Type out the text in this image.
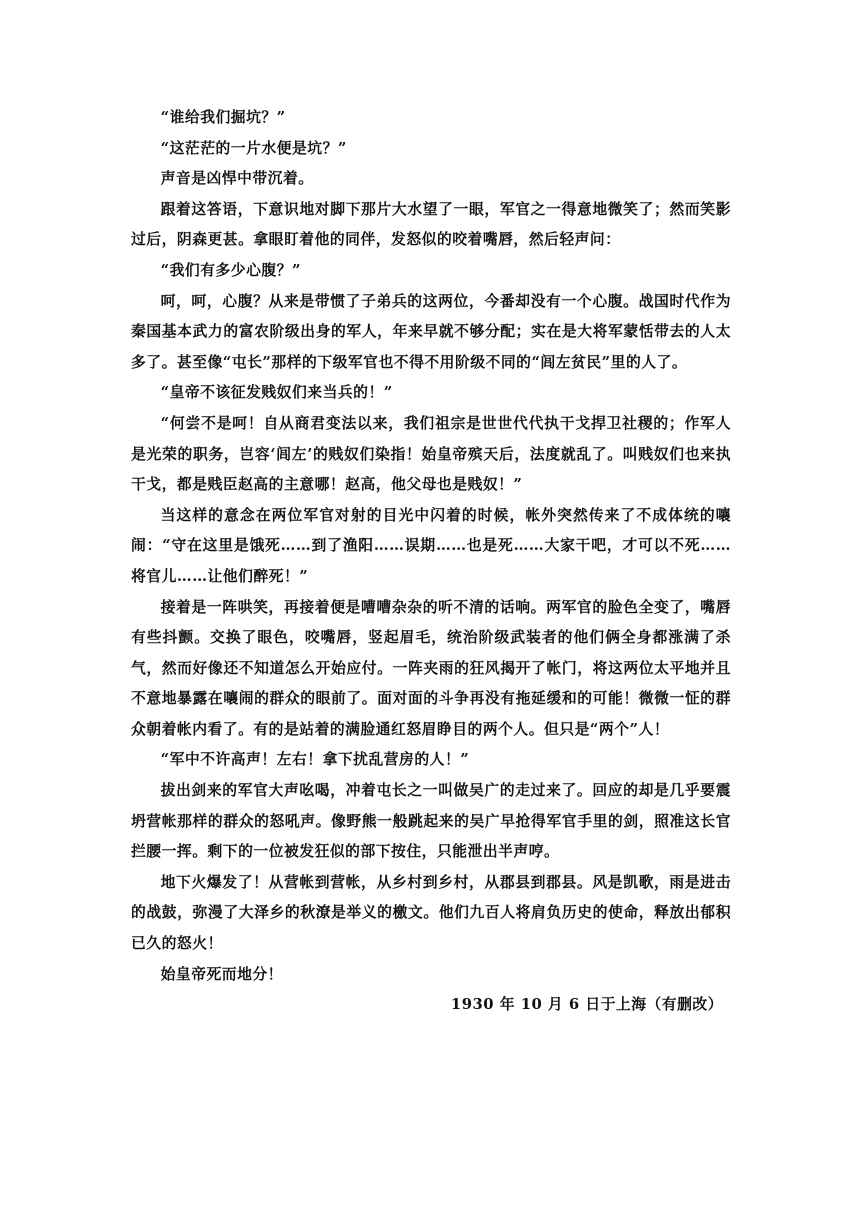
“谁给我们掘坑？”

“这茫茫的一片水便是坑？”

声音是凶悍中带沉着。

跟着这答语，下意识地对脚下那片大水望了一眼，军官之一得意地微笑了；然而笑影过后，阴森更甚。拿眼盯着他的同伴，发怒似的咬着嘴唇，然后轻声问：

“我们有多少心腹？”

呵，呵，心腹？从来是带惯了子弟兵的这两位，今番却没有一个心腹。战国时代作为秦国基本武力的富农阶级出身的军人，年来早就不够分配；实在是大将军蒙恬带去的人太多了。甚至像“屯长”那样的下级军官也不得不用阶级不同的“闾左贫民”里的人了。

“皇帝不该征发贱奴们来当兵的！”

“何尝不是呵！自从商君变法以来，我们祖宗是世世代代执干戈捍卫社稷的；作军人是光荣的职务，岂容‘闾左’的贱奴们染指！始皇帝殡天后，法度就乱了。叫贱奴们也来执干戈，都是贱臣赵高的主意哪！赵高，他父母也是贱奴！”

当这样的意念在两位军官对射的目光中闪着的时候，帐外突然传来了不成体统的嚷闹：“守在这里是饿死……到了渔阳……误期……也是死……大家干吧，才可以不死……将官儿……让他们醉死！”

接着是一阵哄笑，再接着便是嘈嘈杂杂的听不清的话响。两军官的脸色全变了，嘴唇有些抖颤。交换了眼色，咬嘴唇，竖起眉毛，统治阶级武装者的他们俩全身都涨满了杀气，然而好像还不知道怎么开始应付。一阵夹雨的狂风揭开了帐门，将这两位太平地并且不意地暴露在嚷闹的群众的眼前了。面对面的斗争再没有拖延缓和的可能！微微一怔的群众朝着帐内看了。有的是站着的满脸通红怒眉睁目的两个人。但只是“两个”人！

“军中不许高声！左右！拿下扰乱营房的人！”

拔出剑来的军官大声吆喝，冲着屯长之一叫做吴广的走过来了。回应的却是几乎要震坍营帐那样的群众的怒吼声。像野熊一般跳起来的吴广早抢得军官手里的剑，照准这长官拦腰一挥。剩下的一位被发狂似的部下按住，只能泄出半声哼。

地下火爆发了！从营帐到营帐，从乡村到乡村，从郡县到郡县。风是凯歌，雨是进击的战鼓，弥漫了大泽乡的秋潦是举义的檄文。他们九百人将肩负历史的使命，释放出郁积已久的怒火！

始皇帝死而地分！

1930 年 10 月 6 日于上海（有删改）
